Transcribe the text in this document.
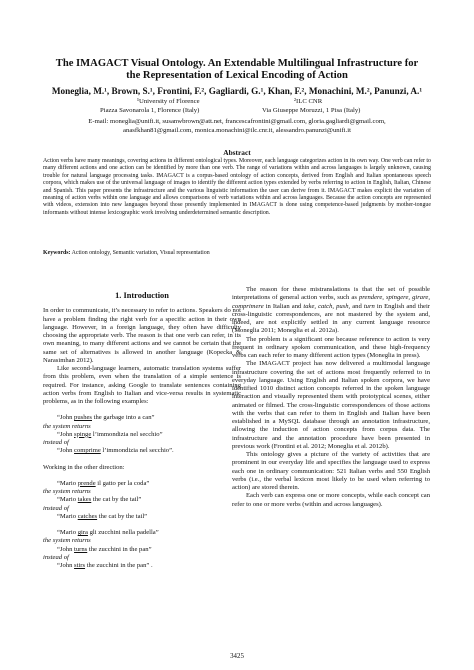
The IMAGACT Visual Ontology. An Extendable Multilingual Infrastructure for
the Representation of Lexical Encoding of Action
Moneglia, M.¹, Brown, S.¹, Frontini, F.², Gagliardi, G.¹, Khan, F.², Monachini, M.², Panunzi, A.¹
¹University of Florence	²ILC CNR
Piazza Savonarola 1, Florence (Italy)	Via Giuseppe Moruzzi, 1 Pisa (Italy)
E-mail: moneglia@unifi.it, susanwbrown@att.net, francescafrontini@gmail.com, gloria.gagliardi@gmail.com,
anasfkhan81@gmail.com, monica.monachini@ilc.cnr.it, alessandro.panunzi@unifi.it
Abstract
Action verbs have many meanings, covering actions in different ontological types. Moreover, each language categorizes action in its own way. One verb can refer to many different actions and one action can be identified by more than one verb. The range of variations within and across languages is largely unknown, causing trouble for natural language processing tasks. IMAGACT is a corpus-based ontology of action concepts, derived from English and Italian spontaneous speech corpora, which makes use of the universal language of images to identify the different action types extended by verbs referring to action in English, Italian, Chinese and Spanish. This paper presents the infrastructure and the various linguistic information the user can derive from it. IMAGACT makes explicit the variation of meaning of action verbs within one language and allows comparisons of verb variations within and across languages. Because the action concepts are represented with videos, extension into new languages beyond those presently implemented in IMAGACT is done using competence-based judgments by mother-tongue informants without intense lexicographic work involving underdetermined semantic description.
Keywords: Action ontology, Semantic variation, Visual representation
1. Introduction

In order to communicate, it’s necessary to refer to actions. Speakers do not have a problem finding the right verb for a specific action in their own language. However, in a foreign language, they often have difficulty choosing the appropriate verb. The reason is that one verb can refer, in its own meaning, to many different actions and we cannot be certain that the same set of alternatives is allowed in another language (Kopecka & Narasimhan 2012).

Like second-language learners, automatic translation systems suffer from this problem, even when the translation of a simple sentence is required. For instance, asking Google to translate sentences containing action verbs from English to Italian and vice-versa results in systematic problems, as in the following examples:

“John pushes the garbage into a can”
the system returns
“John spinge l’immondizia nel secchio”
instead of
“John comprime l’immondizia nel secchio”.

Working in the other direction:

“Mario prende il gatto per la coda”
the system returns
“Mario takes the cat by the tail”
instead of
“Mario catches the cat by the tail”
“Mario gira gli zucchini nella padella”
the system returns
“John turns the zucchini in the pan”
instead of
“John stirs the zucchini in the pan” .

The reason for these mistranslations is that the set of possible interpretations of general action verbs, such as prendere, spingere, girare, comprimere in Italian and take, catch, push, and turn in English and their cross-linguistic correspondences, are not mastered by the system and, indeed, are not explicitly settled in any current language resource (Moneglia 2011; Moneglia et al. 2012a).

The problem is a significant one because reference to action is very frequent in ordinary spoken communication, and these high-frequency verbs can each refer to many different action types (Moneglia in press).

The IMAGACT project has now delivered a multimodal language infrastructure covering the set of actions most frequently referred to in everyday language. Using English and Italian spoken corpora, we have identified 1010 distinct action concepts referred in the spoken language interaction and visually represented them with prototypical scenes, either animated or filmed. The cross-linguistic correspondences of those actions with the verbs that can refer to them in English and Italian have been established in a MySQL database through an annotation infrastructure, allowing the induction of action concepts from corpus data. The infrastructure and the annotation procedure have been presented in previous work (Frontini et al. 2012; Moneglia et al. 2012b).

This ontology gives a picture of the variety of activities that are prominent in our everyday life and specifies the language used to express each one in ordinary communication: 521 Italian verbs and 550 English verbs (i.e., the verbal lexicon most likely to be used when referring to action) are stored therein.

Each verb can express one or more concepts, while each concept can refer to one or more verbs (within and across languages).

3425
